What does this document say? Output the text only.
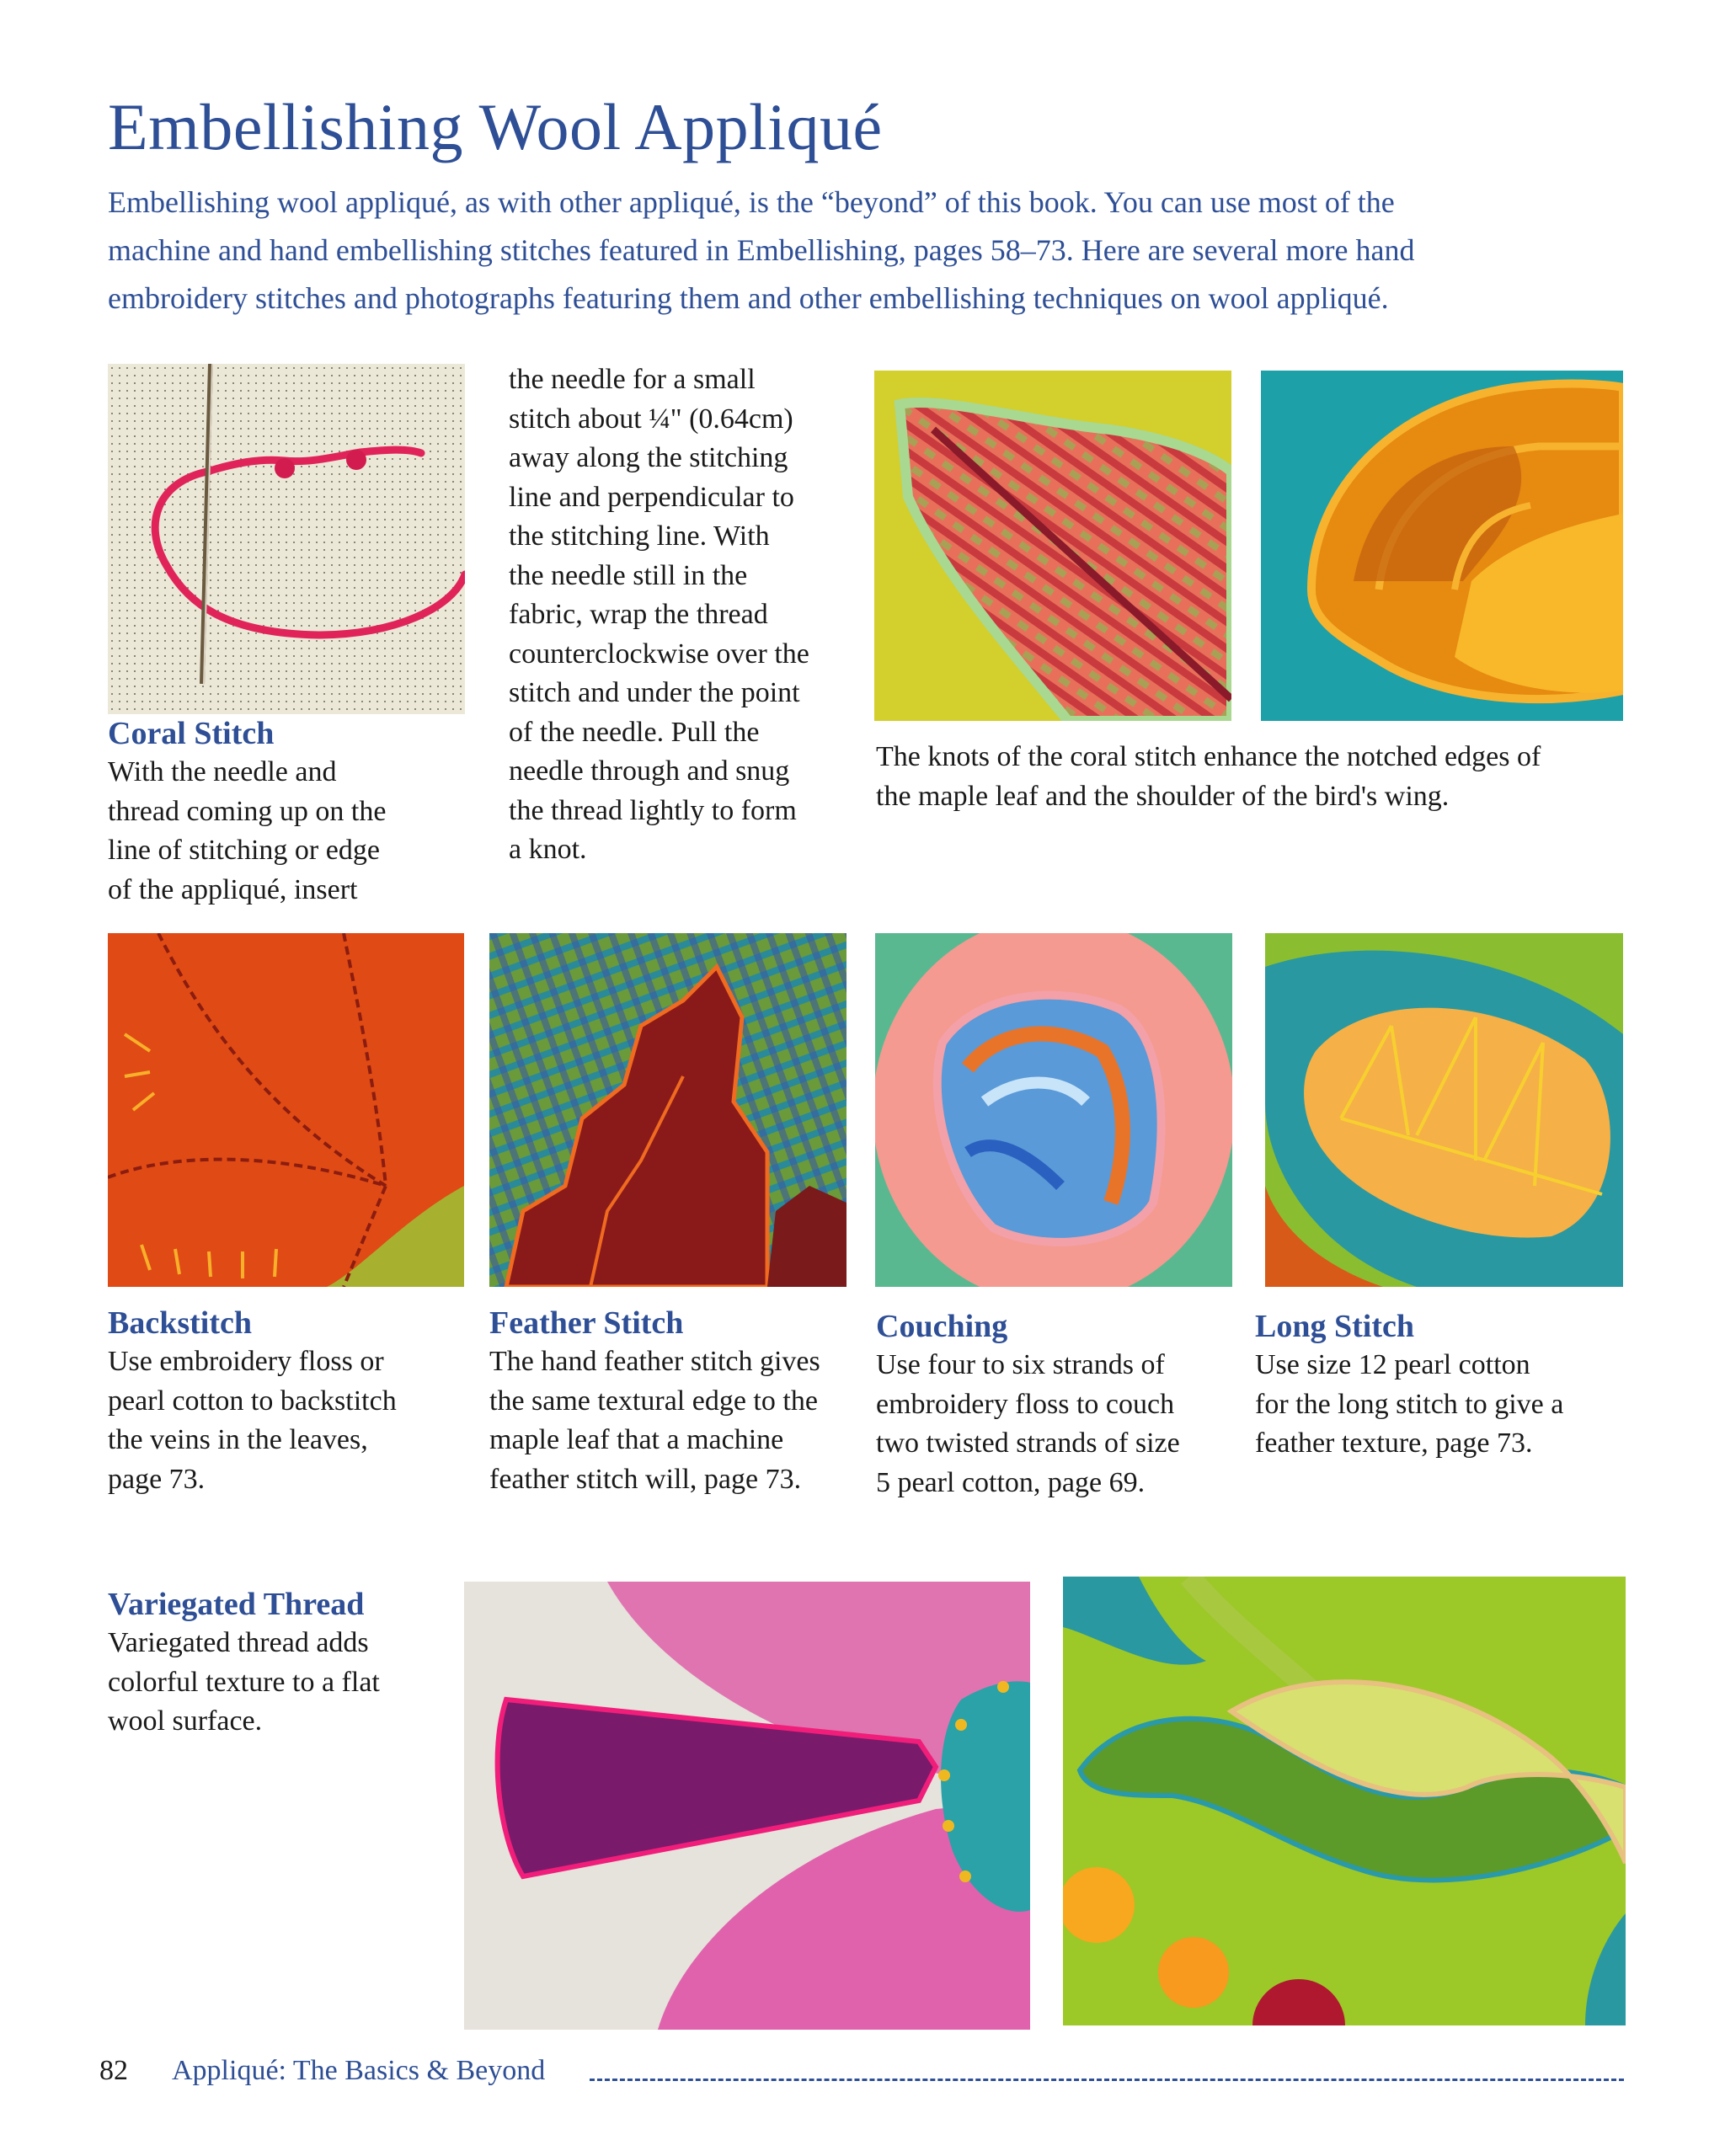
Embellishing Wool Appliqué
Embellishing wool appliqué, as with other appliqué, is the “beyond” of this book. You can use most of the
machine and hand embellishing stitches featured in Embellishing, pages 58–73. Here are several more hand
embroidery stitches and photographs featuring them and other embellishing techniques on wool appliqué.
Coral Stitch
With the needle and
thread coming up on the
line of stitching or edge
of the appliqué, insert
the needle for a small
stitch about ¼" (0.64cm)
away along the stitching
line and perpendicular to
the stitching line. With
the needle still in the
fabric, wrap the thread
counterclockwise over the
stitch and under the point
of the needle. Pull the
needle through and snug
the thread lightly to form
a knot.
The knots of the coral stitch enhance the notched edges of
the maple leaf and the shoulder of the bird's wing.
Backstitch
Use embroidery floss or
pearl cotton to backstitch
the veins in the leaves,
page 73.
Feather Stitch
The hand feather stitch gives
the same textural edge to the
maple leaf that a machine
feather stitch will, page 73.
Couching
Use four to six strands of
embroidery floss to couch
two twisted strands of size
5 pearl cotton, page 69.
Long Stitch
Use size 12 pearl cotton
for the long stitch to give a
feather texture, page 73.
Variegated Thread
Variegated thread adds
colorful texture to a flat
wool surface.
82 Appliqué: The Basics & Beyond
